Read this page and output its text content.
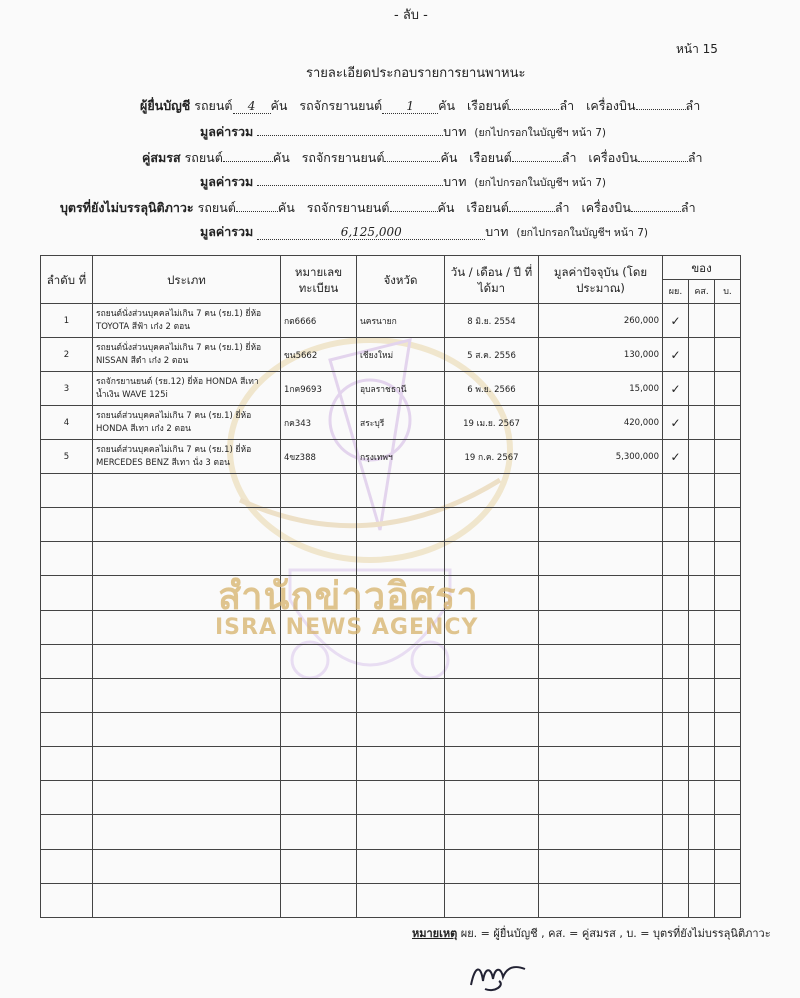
- ลับ -
หน้า 15
รายละเอียดประกอบรายการยานพาหนะ
ผู้ยื่นบัญชี รถยนต์ 4 คัน รถจักรยานยนต์ 1 คัน เรือยนต์	ลำ เครื่องบิน	ลำ
มูลค่ารวม	บาท (ยกไปกรอกในบัญชีฯ หน้า 7)
คู่สมรส รถยนต์	คัน รถจักรยานยนต์	คัน เรือยนต์	ลำ เครื่องบิน	ลำ
มูลค่ารวม	บาท (ยกไปกรอกในบัญชีฯ หน้า 7)
บุตรที่ยังไม่บรรลุนิติภาวะ รถยนต์	คัน รถจักรยานยนต์	คัน เรือยนต์	ลำ เครื่องบิน	ลำ
มูลค่ารวม	6,125,000	บาท (ยกไปกรอกในบัญชีฯ หน้า 7)
ลำดับ ที่	ประเภท	หมายเลข ทะเบียน	จังหวัด	วัน / เดือน / ปี ที่ได้มา	มูลค่าปัจจุบัน (โดยประมาณ)	ของ		
						ผย.	คส.	บ.
1	รถยนต์นั่งส่วนบุคคลไม่เกิน 7 คน (รย.1) ยี่ห้อ TOYOTA สีฟ้า เก๋ง 2 ตอน	กต6666	นครนายก	8 มิ.ย. 2554	260,000	✓		
2	รถยนต์นั่งส่วนบุคคลไม่เกิน 7 คน (รย.1) ยี่ห้อ NISSAN สีดำ เก๋ง 2 ตอน	ขน5662	เชียงใหม่	5 ส.ค. 2556	130,000	✓		
3	รถจักรยานยนต์ (รย.12) ยี่ห้อ HONDA สีเทา น้ำเงิน WAVE 125i	1กค9693	อุบลราชธานี	6 พ.ย. 2566	15,000	✓		
4	รถยนต์ส่วนบุคคลไม่เกิน 7 คน (รย.1) ยี่ห้อ HONDA สีเทา เก๋ง 2 ตอน	กค343	สระบุรี	19 เม.ย. 2567	420,000	✓		
5	รถยนต์ส่วนบุคคลไม่เกิน 7 คน (รย.1) ยี่ห้อ MERCEDES BENZ สีเทา นั่ง 3 ตอน	4ขz388	กรุงเทพฯ	19 ก.ค. 2567	5,300,000	✓		

สำนักข่าวอิศรา
ISRA NEWS AGENCY
หมายเหตุ ผย. = ผู้ยื่นบัญชี , คส. = คู่สมรส , บ. = บุตรที่ยังไม่บรรลุนิติภาวะ
